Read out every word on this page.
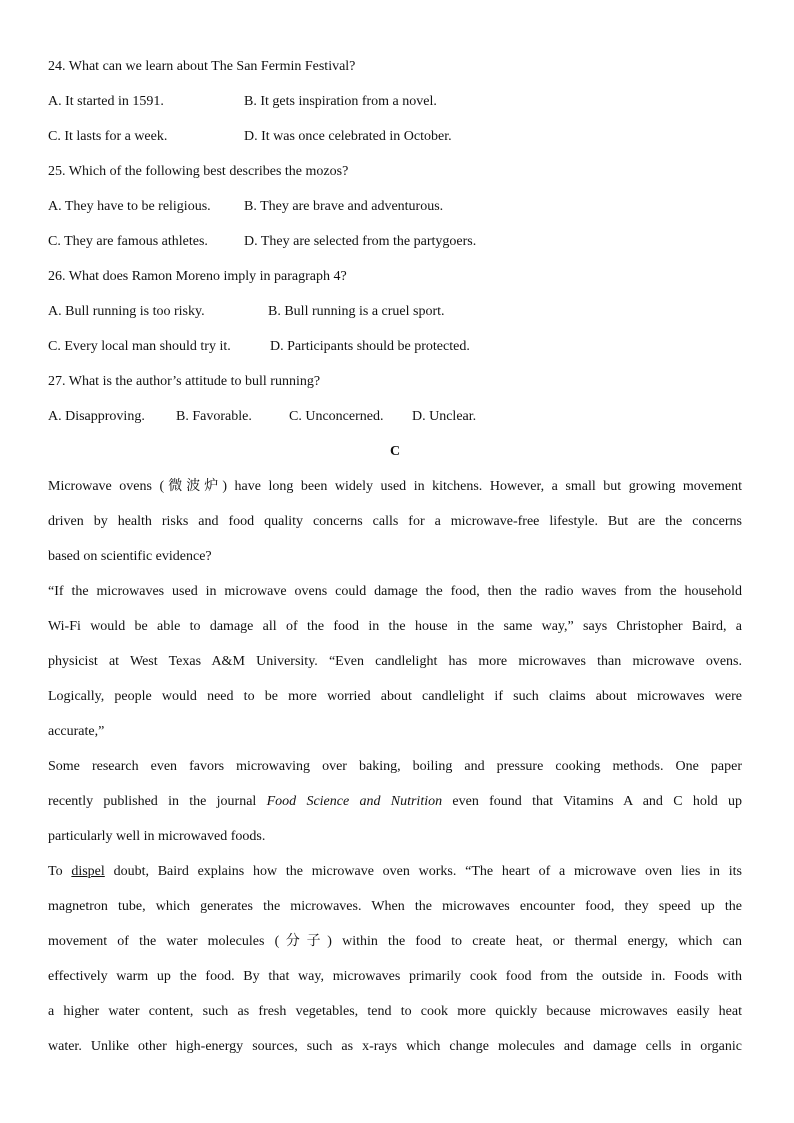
24. What can we learn about The San Fermin Festival?
A. It started in 1591.	B. It gets inspiration from a novel.
C. It lasts for a week.	D. It was once celebrated in October.
25. Which of the following best describes the mozos?
A. They have to be religious. B. They are brave and adventurous.
C. They are famous athletes.	D. They are selected from the partygoers.
26. What does Ramon Moreno imply in paragraph 4?
A. Bull running is too risky.	B. Bull running is a cruel sport.
C. Every local man should try it.	D. Participants should be protected.
27. What is the author’s attitude to bull running?
A. Disapproving. B. Favorable.	C. Unconcerned. D. Unclear.
C
Microwave ovens (微波炉) have long been widely used in kitchens. However, a small but growing movement
driven by health risks and food quality concerns calls for a microwave-free lifestyle. But are the concerns
based on scientific evidence?
“If the microwaves used in microwave ovens could damage the food, then the radio waves from the household
Wi-Fi would be able to damage all of the food in the house in the same way,” says Christopher Baird, a
physicist at West Texas A&M University. “Even candlelight has more microwaves than microwave ovens.
Logically, people would need to be more worried about candlelight if such claims about microwaves were
accurate,”
Some research even favors microwaving over baking, boiling and pressure cooking methods. One paper
recently published in the journal Food Science and Nutrition even found that Vitamins A and C hold up
particularly well in microwaved foods.
To dispel doubt, Baird explains how the microwave oven works. “The heart of a microwave oven lies in its
magnetron tube, which generates the microwaves. When the microwaves encounter food, they speed up the
movement of the water molecules (分子) within the food to create heat, or thermal energy, which can
effectively warm up the food. By that way, microwaves primarily cook food from the outside in. Foods with
a higher water content, such as fresh vegetables, tend to cook more quickly because microwaves easily heat
water. Unlike other high-energy sources, such as x-rays which change molecules and damage cells in organic
